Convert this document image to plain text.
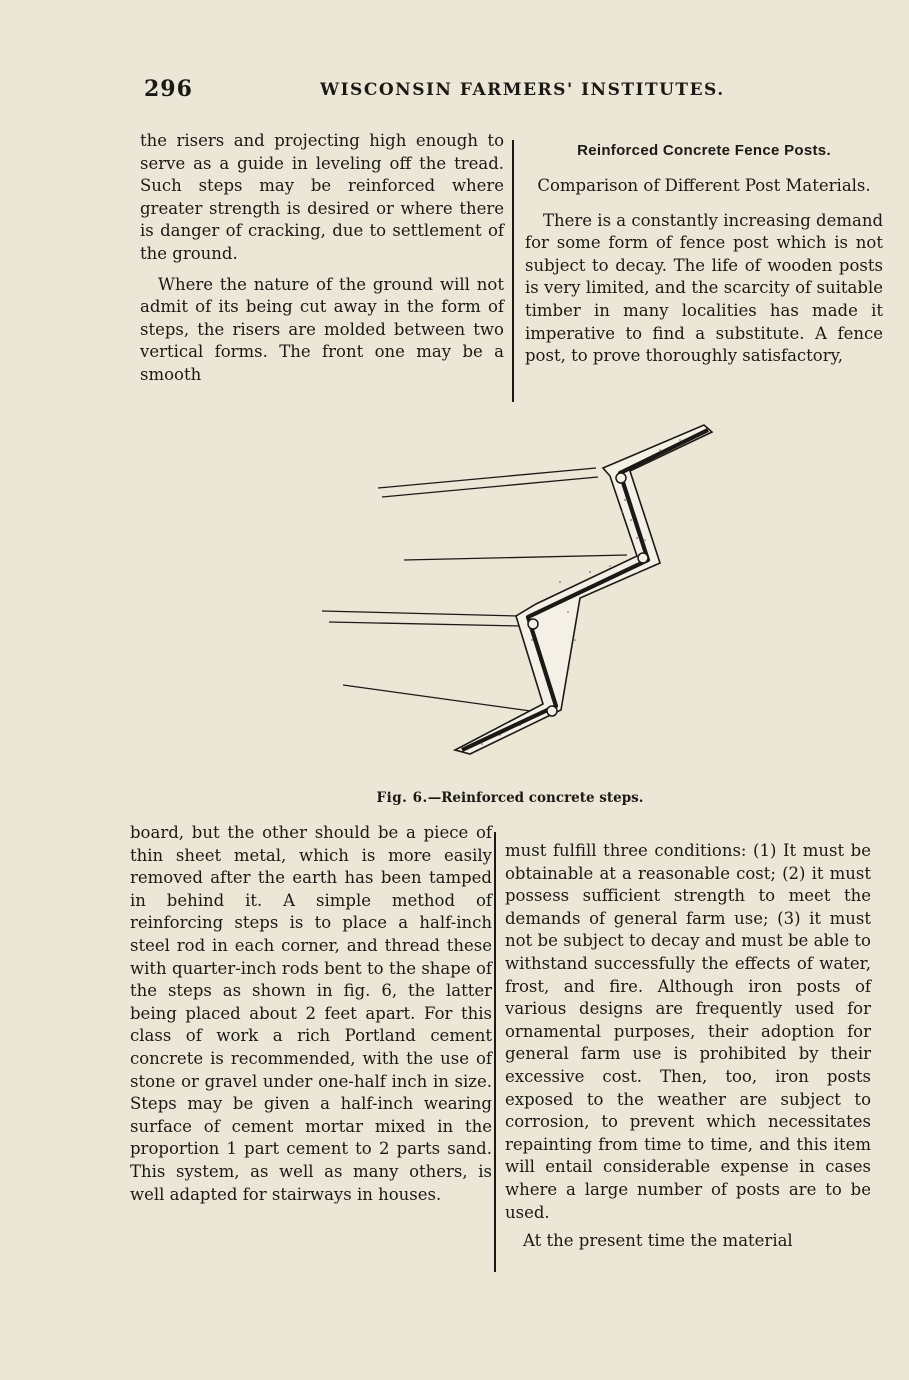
296	WISCONSIN FARMERS' INSTITUTES.

the risers and projecting high enough to serve as a guide in leveling off the tread. Such steps may be reinforced where greater strength is desired or where there is danger of cracking, due to settlement of the ground.

Where the nature of the ground will not admit of its being cut away in the form of steps, the risers are molded between two vertical forms. The front one may be a smooth

Reinforced Concrete Fence Posts.
Comparison of Different Post Materials.

There is a constantly increasing demand for some form of fence post which is not subject to decay. The life of wooden posts is very limited, and the scarcity of suitable timber in many localities has made it imperative to find a substitute. A fence post, to prove thoroughly satisfactory,

Fig. 6.—Reinforced concrete steps.

board, but the other should be a piece of thin sheet metal, which is more easily removed after the earth has been tamped in behind it. A simple method of reinforcing steps is to place a half-inch steel rod in each corner, and thread these with quarter-inch rods bent to the shape of the steps as shown in fig. 6, the latter being placed about 2 feet apart. For this class of work a rich Portland cement concrete is recommended, with the use of stone or gravel under one-half inch in size. Steps may be given a half-inch wearing surface of cement mortar mixed in the proportion 1 part cement to 2 parts sand. This system, as well as many others, is well adapted for stairways in houses.

must fulfill three conditions: (1) It must be obtainable at a reasonable cost; (2) it must possess sufficient strength to meet the demands of general farm use; (3) it must not be subject to decay and must be able to withstand successfully the effects of water, frost, and fire. Although iron posts of various designs are frequently used for ornamental purposes, their adoption for general farm use is prohibited by their excessive cost. Then, too, iron posts exposed to the weather are subject to corrosion, to prevent which necessitates repainting from time to time, and this item will entail considerable expense in cases where a large number of posts are to be used.

At the present time the material
